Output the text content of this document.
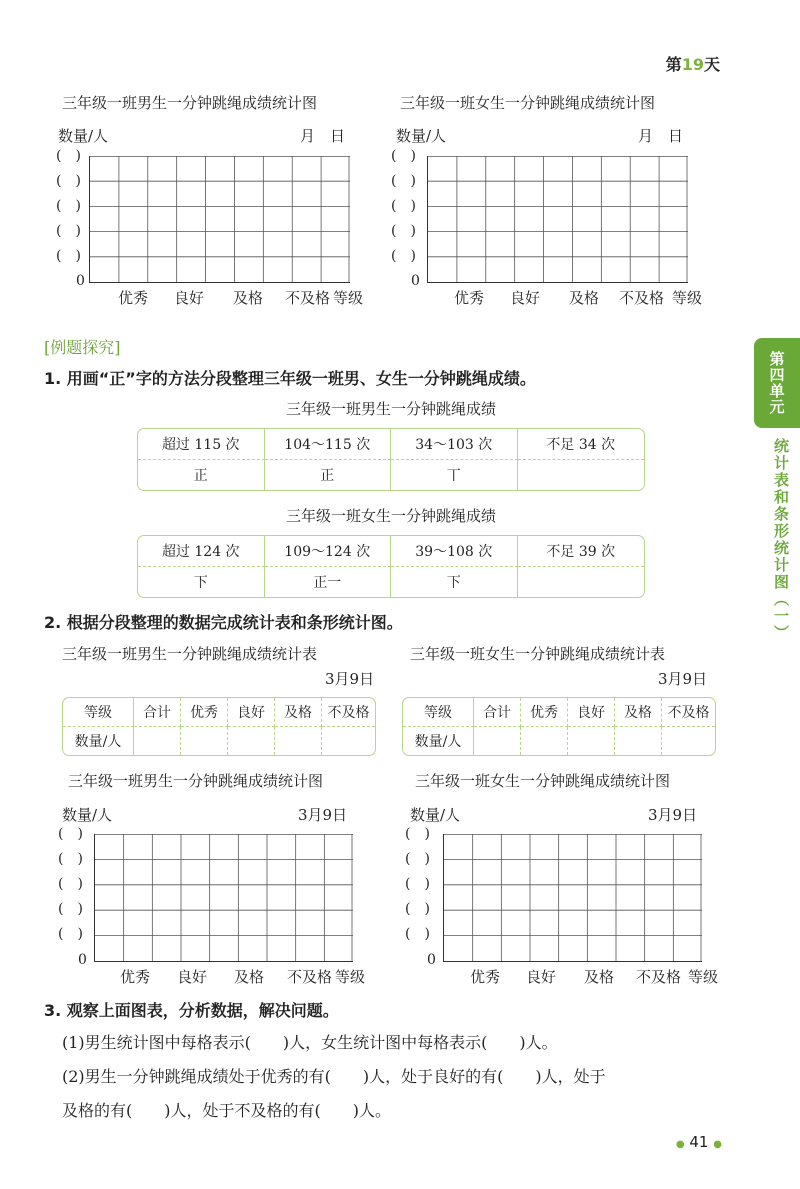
第19天
第四单元
统计表和条形统计图（一）
三年级一班男生一分钟跳绳成绩统计图
数量/人	月　日
(　)
(　)
(　)
(　)
(　)
0
优秀 良好 及格 不及格 等级
三年级一班女生一分钟跳绳成绩统计图
数量/人	月　日
(　)
(　)
(　)
(　)
(　)
0
优秀 良好 及格 不及格 等级
[例题探究]
1. 用画“正”字的方法分段整理三年级一班男、女生一分钟跳绳成绩。
三年级一班男生一分钟跳绳成绩
超过 115 次	104～115 次	34～103 次	不足 34 次
正	正	丅	
三年级一班女生一分钟跳绳成绩
超过 124 次	109～124 次	39～108 次	不足 39 次
下	正一	下	
2. 根据分段整理的数据完成统计表和条形统计图。
三年级一班男生一分钟跳绳成绩统计表
3月9日
等级	合计	优秀	良好	及格	不及格
数量/人					
三年级一班女生一分钟跳绳成绩统计表
3月9日
等级	合计	优秀	良好	及格	不及格
数量/人					
三年级一班男生一分钟跳绳成绩统计图
数量/人	3月9日
(　)
(　)
(　)
(　)
(　)
0
优秀 良好 及格 不及格 等级
三年级一班女生一分钟跳绳成绩统计图
数量/人	3月9日
(　)
(　)
(　)
(　)
(　)
0
优秀 良好 及格 不及格 等级
3. 观察上面图表，分析数据，解决问题。
(1)男生统计图中每格表示(　　)人，女生统计图中每格表示(　　)人。
(2)男生一分钟跳绳成绩处于优秀的有(　　)人，处于良好的有(　　)人，处于
及格的有(　　)人，处于不及格的有(　　)人。
● 41 ●
